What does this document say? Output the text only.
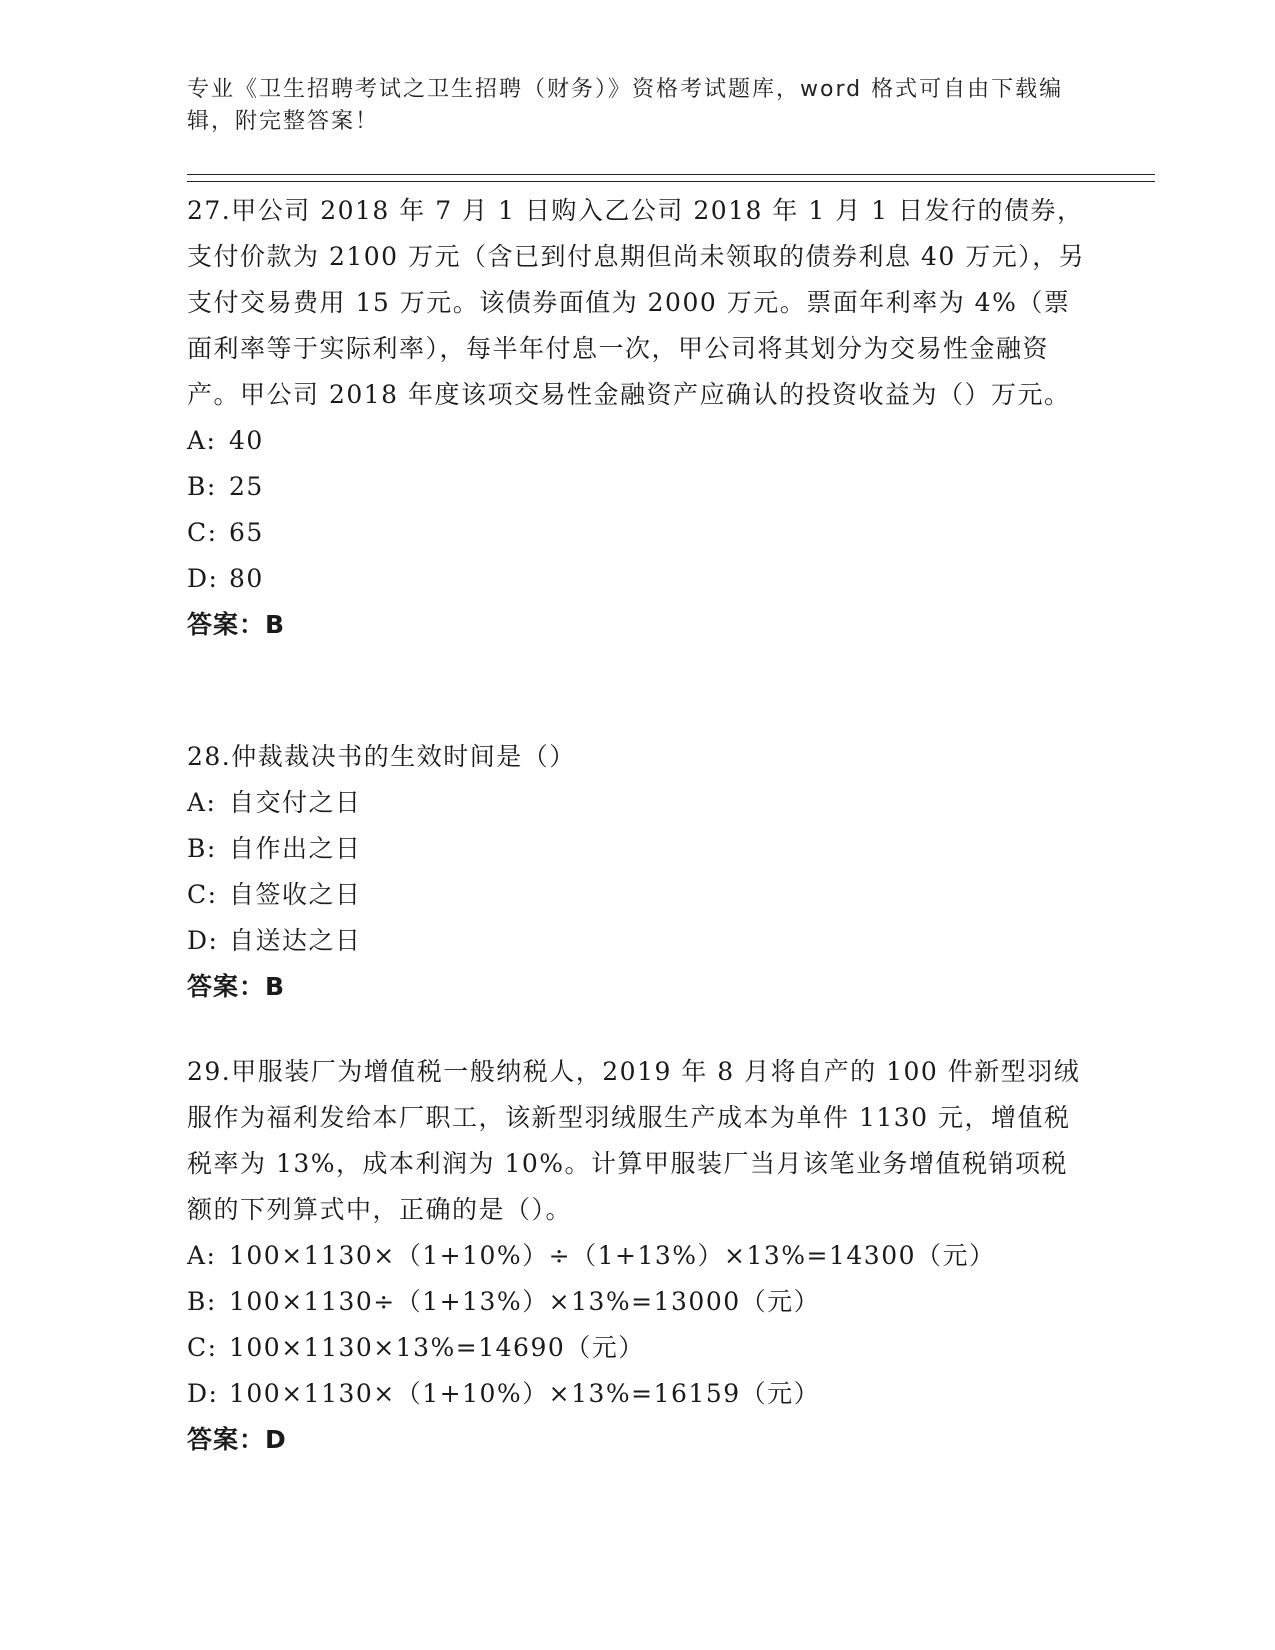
专业《卫生招聘考试之卫生招聘（财务）》资格考试题库，word 格式可自由下载编辑，附完整答案！
27.甲公司 2018 年 7 月 1 日购入乙公司 2018 年 1 月 1 日发行的债券，支付价款为 2100 万元（含已到付息期但尚未领取的债券利息 40 万元），另支付交易费用 15 万元。该债券面值为 2000 万元。票面年利率为 4%（票面利率等于实际利率），每半年付息一次，甲公司将其划分为交易性金融资产。甲公司 2018 年度该项交易性金融资产应确认的投资收益为（）万元。
A: 40
B: 25
C: 65
D: 80
答案：B
28.仲裁裁决书的生效时间是（）
A: 自交付之日
B: 自作出之日
C: 自签收之日
D: 自送达之日
答案：B
29.甲服装厂为增值税一般纳税人，2019 年 8 月将自产的 100 件新型羽绒服作为福利发给本厂职工，该新型羽绒服生产成本为单件 1130 元，增值税税率为 13%，成本利润为 10%。计算甲服装厂当月该笔业务增值税销项税额的下列算式中，正确的是（）。
A: 100×1130×（1+10%）÷（1+13%）×13%=14300（元）
B: 100×1130÷（1+13%）×13%=13000（元）
C: 100×1130×13%=14690（元）
D: 100×1130×（1+10%）×13%=16159（元）
答案：D
